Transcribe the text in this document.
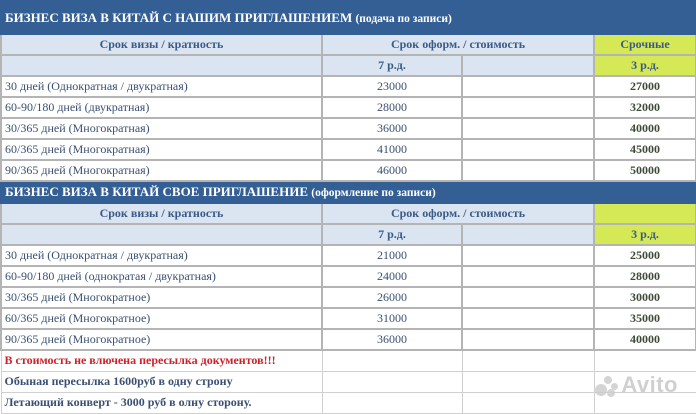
БИЗНЕС ВИЗА В КИТАЙ С НАШИМ ПРИГЛАШЕНИЕМ (подача по записи)			
Срок визы / кратность	Срок оформ. / стоимость		Срочные
	7 р.д.		3 р.д.
30 дней (Однократная / двукратная)	23000		27000
60-90/180 дней (двукратная)	28000		32000
30/365 дней (Многократная)	36000		40000
60/365 дней (Многократная)	41000		45000
90/365 дней (Многократная)	46000		50000
БИЗНЕС ВИЗА В КИТАЙ СВОЕ ПРИГЛАШЕНИЕ (оформление по записи)			
Срок визы / кратность	Срок оформ. / стоимость		
	7 р.д.		3 р.д.
30 дней (Однократная / двукратная)	21000		25000
60-90/180 дней (однократая / двукратная)	24000		28000
30/365 дней (Многократное)	26000		30000
60/365 дней (Многократное)	31000		35000
90/365 дней (Многократное)	36000		40000
В стоимость не влючена пересылка документов!!!			
Обыная пересылка 1600руб в одну строну			
Летающий конверт - 3000 руб в олну сторону.			
Avito
